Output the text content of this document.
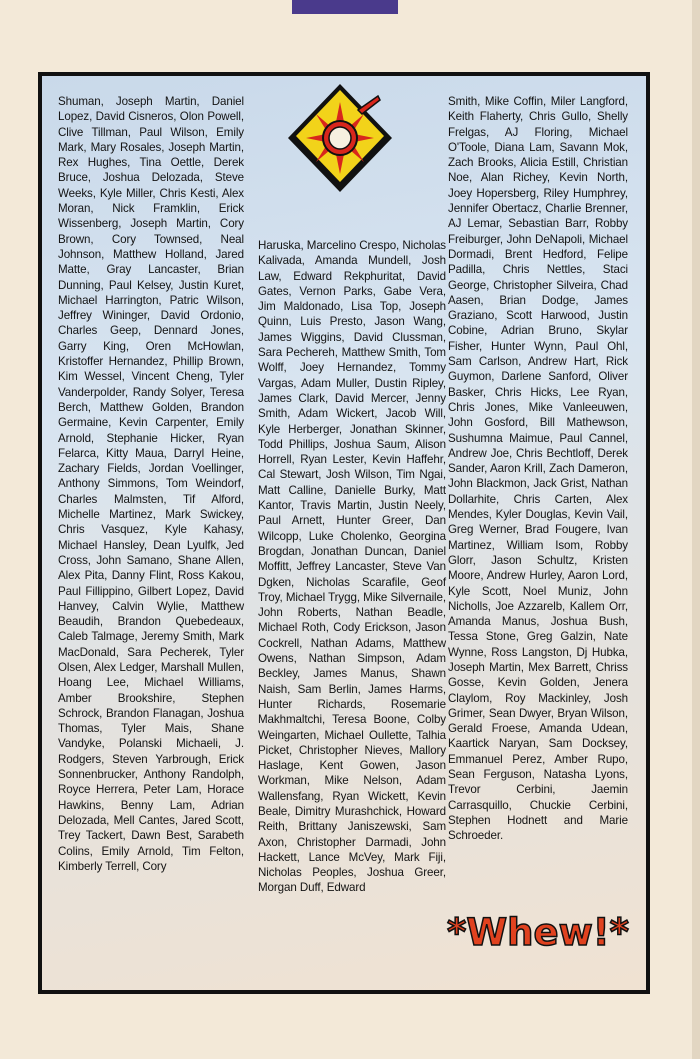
Shuman, Joseph Martin, Daniel Lopez, David Cisneros, Olon Powell, Clive Tillman, Paul Wilson, Emily Mark, Mary Rosales, Joseph Martin, Rex Hughes, Tina Oettle, Derek Bruce, Joshua Delozada, Steve Weeks, Kyle Miller, Chris Kesti, Alex Moran, Nick Framklin, Erick Wissenberg, Joseph Martin, Cory Brown, Cory Townsed, Neal Johnson, Matthew Holland, Jared Matte, Gray Lancaster, Brian Dunning, Paul Kelsey, Justin Kuret, Michael Harrington, Patric Wilson, Jeffrey Wininger, David Ordonio, Charles Geep, Dennard Jones, Garry King, Oren McHowlan, Kristoffer Hernandez, Phillip Brown, Kim Wessel, Vincent Cheng, Tyler Vanderpolder, Randy Solyer, Teresa Berch, Matthew Golden, Brandon Germaine, Kevin Carpenter, Emily Arnold, Stephanie Hicker, Ryan Felarca, Kitty Maua, Darryl Heine, Zachary Fields, Jordan Voellinger, Anthony Simmons, Tom Weindorf, Charles Malmsten, Tif Alford, Michelle Martinez, Mark Swickey, Chris Vasquez, Kyle Kahasy, Michael Hansley, Dean Lyulfk, Jed Cross, John Samano, Shane Allen, Alex Pita, Danny Flint, Ross Kakou, Paul Fillippino, Gilbert Lopez, David Hanvey, Calvin Wylie, Matthew Beaudih, Brandon Quebedeaux, Caleb Talmage, Jeremy Smith, Mark MacDonald, Sara Pecherek, Tyler Olsen, Alex Ledger, Marshall Mullen, Hoang Lee, Michael Williams, Amber Brookshire, Stephen Schrock, Brandon Flanagan, Joshua Thomas, Tyler Mais, Shane Vandyke, Polanski Michaeli, J. Rodgers, Steven Yarbrough, Erick Sonnenbrucker, Anthony Randolph, Royce Herrera, Peter Lam, Horace Hawkins, Benny Lam, Adrian Delozada, Mell Cantes, Jared Scott, Trey Tackert, Dawn Best, Sarabeth Colins, Emily Arnold, Tim Felton, Kimberly Terrell, Cory
Haruska, Marcelino Crespo, Nicholas Kalivada, Amanda Mundell, Josh Law, Edward Rekphuritat, David Gates, Vernon Parks, Gabe Vera, Jim Maldonado, Lisa Top, Joseph Quinn, Luis Presto, Jason Wang, James Wiggins, David Clussman, Sara Pechereh, Matthew Smith, Tom Wolff, Joey Hernandez, Tommy Vargas, Adam Muller, Dustin Ripley, James Clark, David Mercer, Jenny Smith, Adam Wickert, Jacob Will, Kyle Herberger, Jonathan Skinner, Todd Phillips, Joshua Saum, Alison Horrell, Ryan Lester, Kevin Haffehr, Cal Stewart, Josh Wilson, Tim Ngai, Matt Calline, Danielle Burky, Matt Kantor, Travis Martin, Justin Neely, Paul Arnett, Hunter Greer, Dan Wilcopp, Luke Cholenko, Georgina Brogdan, Jonathan Duncan, Daniel Moffitt, Jeffrey Lancaster, Steve Van Dgken, Nicholas Scarafile, Geof Troy, Michael Trygg, Mike Silvernaile, John Roberts, Nathan Beadle, Michael Roth, Cody Erickson, Jason Cockrell, Nathan Adams, Matthew Owens, Nathan Simpson, Adam Beckley, James Manus, Shawn Naish, Sam Berlin, James Harms, Hunter Richards, Rosemarie Makhmaltchi, Teresa Boone, Colby Weingarten, Michael Oullette, Talhia Picket, Christopher Nieves, Mallory Haslage, Kent Gowen, Jason Workman, Mike Nelson, Adam Wallensfang, Ryan Wickett, Kevin Beale, Dimitry Murashchick, Howard Reith, Brittany Janiszewski, Sam Axon, Christopher Darmadi, John Hackett, Lance McVey, Mark Fiji, Nicholas Peoples, Joshua Greer, Morgan Duff, Edward
Smith, Mike Coffin, Miler Langford, Keith Flaherty, Chris Gullo, Shelly Frelgas, AJ Floring, Michael O'Toole, Diana Lam, Savann Mok, Zach Brooks, Alicia Estill, Christian Noe, Alan Richey, Kevin North, Joey Hopersberg, Riley Humphrey, Jennifer Obertacz, Charlie Brenner, AJ Lemar, Sebastian Barr, Robby Freiburger, John DeNapoli, Michael Dormadi, Brent Hedford, Felipe Padilla, Chris Nettles, Staci George, Christopher Silveira, Chad Aasen, Brian Dodge, James Graziano, Scott Harwood, Justin Cobine, Adrian Bruno, Skylar Fisher, Hunter Wynn, Paul Ohl, Sam Carlson, Andrew Hart, Rick Guymon, Darlene Sanford, Oliver Basker, Chris Hicks, Lee Ryan, Chris Jones, Mike Vanleeuwen, John Gosford, Bill Mathewson, Sushumna Maimue, Paul Cannel, Andrew Joe, Chris Bechtloff, Derek Sander, Aaron Krill, Zach Dameron, John Blackmon, Jack Grist, Nathan Dollarhite, Chris Carten, Alex Mendes, Kyler Douglas, Kevin Vail, Greg Werner, Brad Fougere, Ivan Martinez, William Isom, Robby Glorr, Jason Schultz, Kristen Moore, Andrew Hurley, Aaron Lord, Kyle Scott, Noel Muniz, John Nicholls, Joe Azzarelb, Kallem Orr, Amanda Manus, Joshua Bush, Tessa Stone, Greg Galzin, Nate Wynne, Ross Langston, Dj Hubka, Joseph Martin, Mex Barrett, Chriss Gosse, Kevin Golden, Jenera Claylom, Roy Mackinley, Josh Grimer, Sean Dwyer, Bryan Wilson, Gerald Froese, Amanda Udean, Kaartick Naryan, Sam Docksey, Emmanuel Perez, Amber Rupo, Sean Ferguson, Natasha Lyons, Trevor Cerbini, Jaemin Carrasquillo, Chuckie Cerbini, Stephen Hodnett and Marie Schroeder.
*Whew!*
